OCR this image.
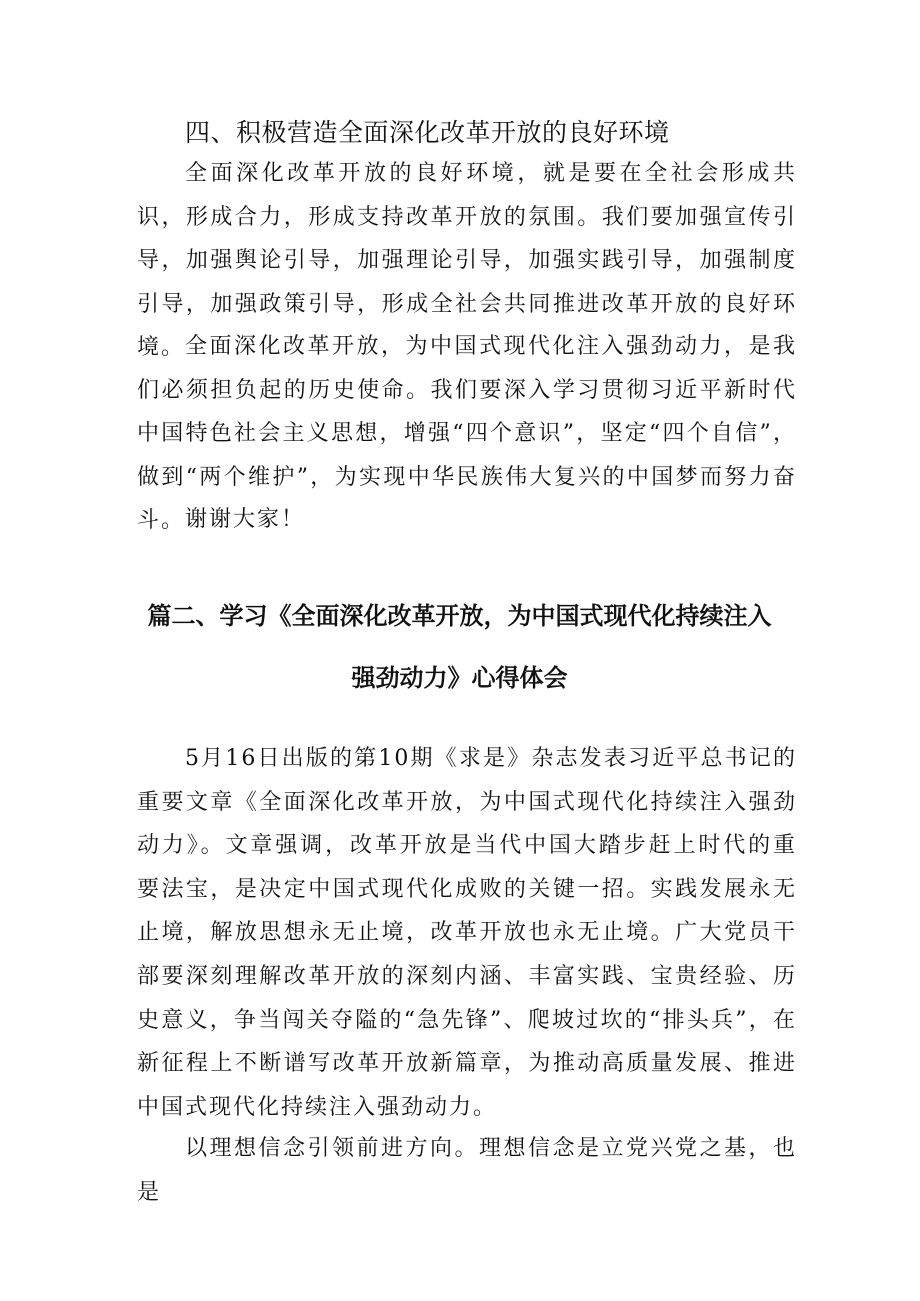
四、积极营造全面深化改革开放的良好环境

全面深化改革开放的良好环境，就是要在全社会形成共识，形成合力，形成支持改革开放的氛围。我们要加强宣传引导，加强舆论引导，加强理论引导，加强实践引导，加强制度引导，加强政策引导，形成全社会共同推进改革开放的良好环境。 全面深化改革开放，为中国式现代化注入强劲动力，是我们必须担负起的历史使命。我们要深入学习贯彻习近平新时代中国特色社会主义思想，增强“四个意识”，坚定“四个自信”，做到“两个维护”，为实现中华民族伟大复兴的中国梦而努力奋斗。 谢谢大家！

篇二、学习《全面深化改革开放，为中国式现代化持续注入强劲动力》心得体会

5月16日出版的第10期《求是》杂志发表习近平总书记的重要文章《全面深化改革开放，为中国式现代化持续注入强劲动力》。文章强调，改革开放是当代中国大踏步赶上时代的重要法宝，是决定中国式现代化成败的关键一招。实践发展永无止境，解放思想永无止境，改革开放也永无止境。广大党员干部要深刻理解改革开放的深刻内涵、丰富实践、宝贵经验、历史意义，争当闯关夺隘的“急先锋”、爬坡过坎的“排头兵”，在新征程上不断谱写改革开放新篇章，为推动高质量发展、推进中国式现代化持续注入强劲动力。

以理想信念引领前进方向。理想信念是立党兴党之基，也是
